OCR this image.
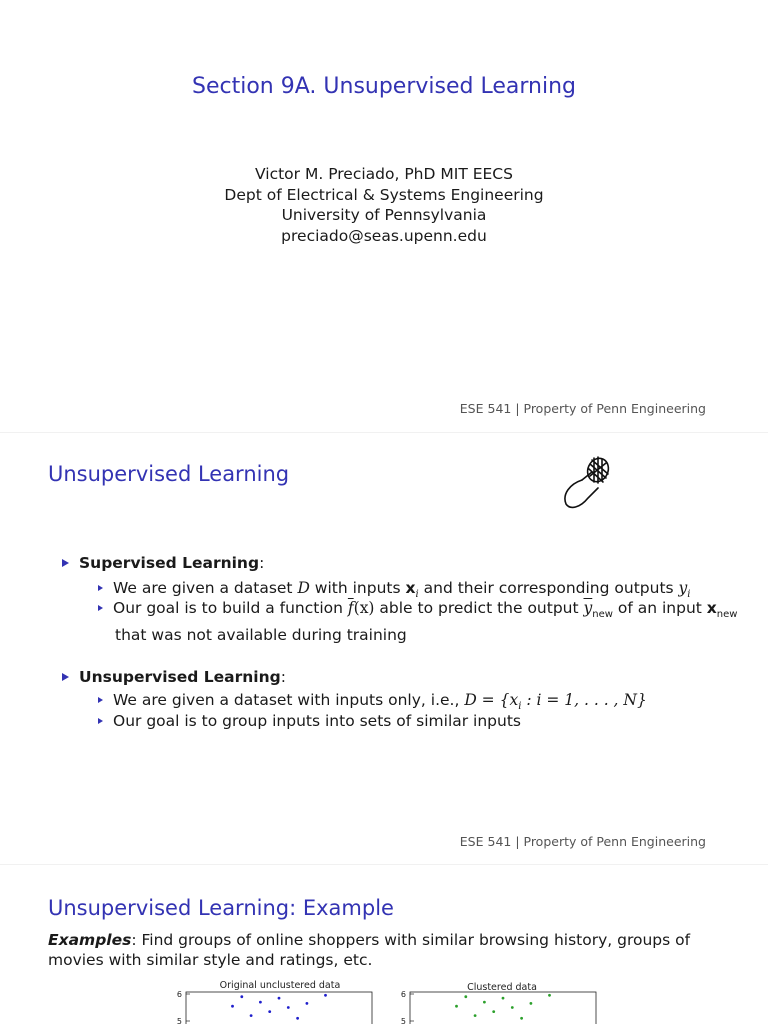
Section 9A. Unsupervised Learning
Victor M. Preciado, PhD MIT EECS
Dept of Electrical & Systems Engineering
University of Pennsylvania
preciado@seas.upenn.edu
ESE 541 | Property of Penn Engineering
Unsupervised Learning
Supervised Learning:
We are given a dataset D with inputs $x_i$ and their corresponding outputs $y_i$
Our goal is to build a function $\overline{f}(x)$ able to predict the output $\overline{y}_{new}$ of an input $x_{new}$
that was not available during training
Unsupervised Learning:
We are given a dataset with inputs only, i.e., $D = \{x_i$ : i = 1, . . . , N}
Our goal is to group inputs into sets of similar inputs
ESE 541 | Property of Penn Engineering
Unsupervised Learning: Example
Examples: Find groups of online shoppers with similar browsing history, groups of movies with similar style and ratings, etc.
Original unclustered data
6
5
Clustered data
6
5
